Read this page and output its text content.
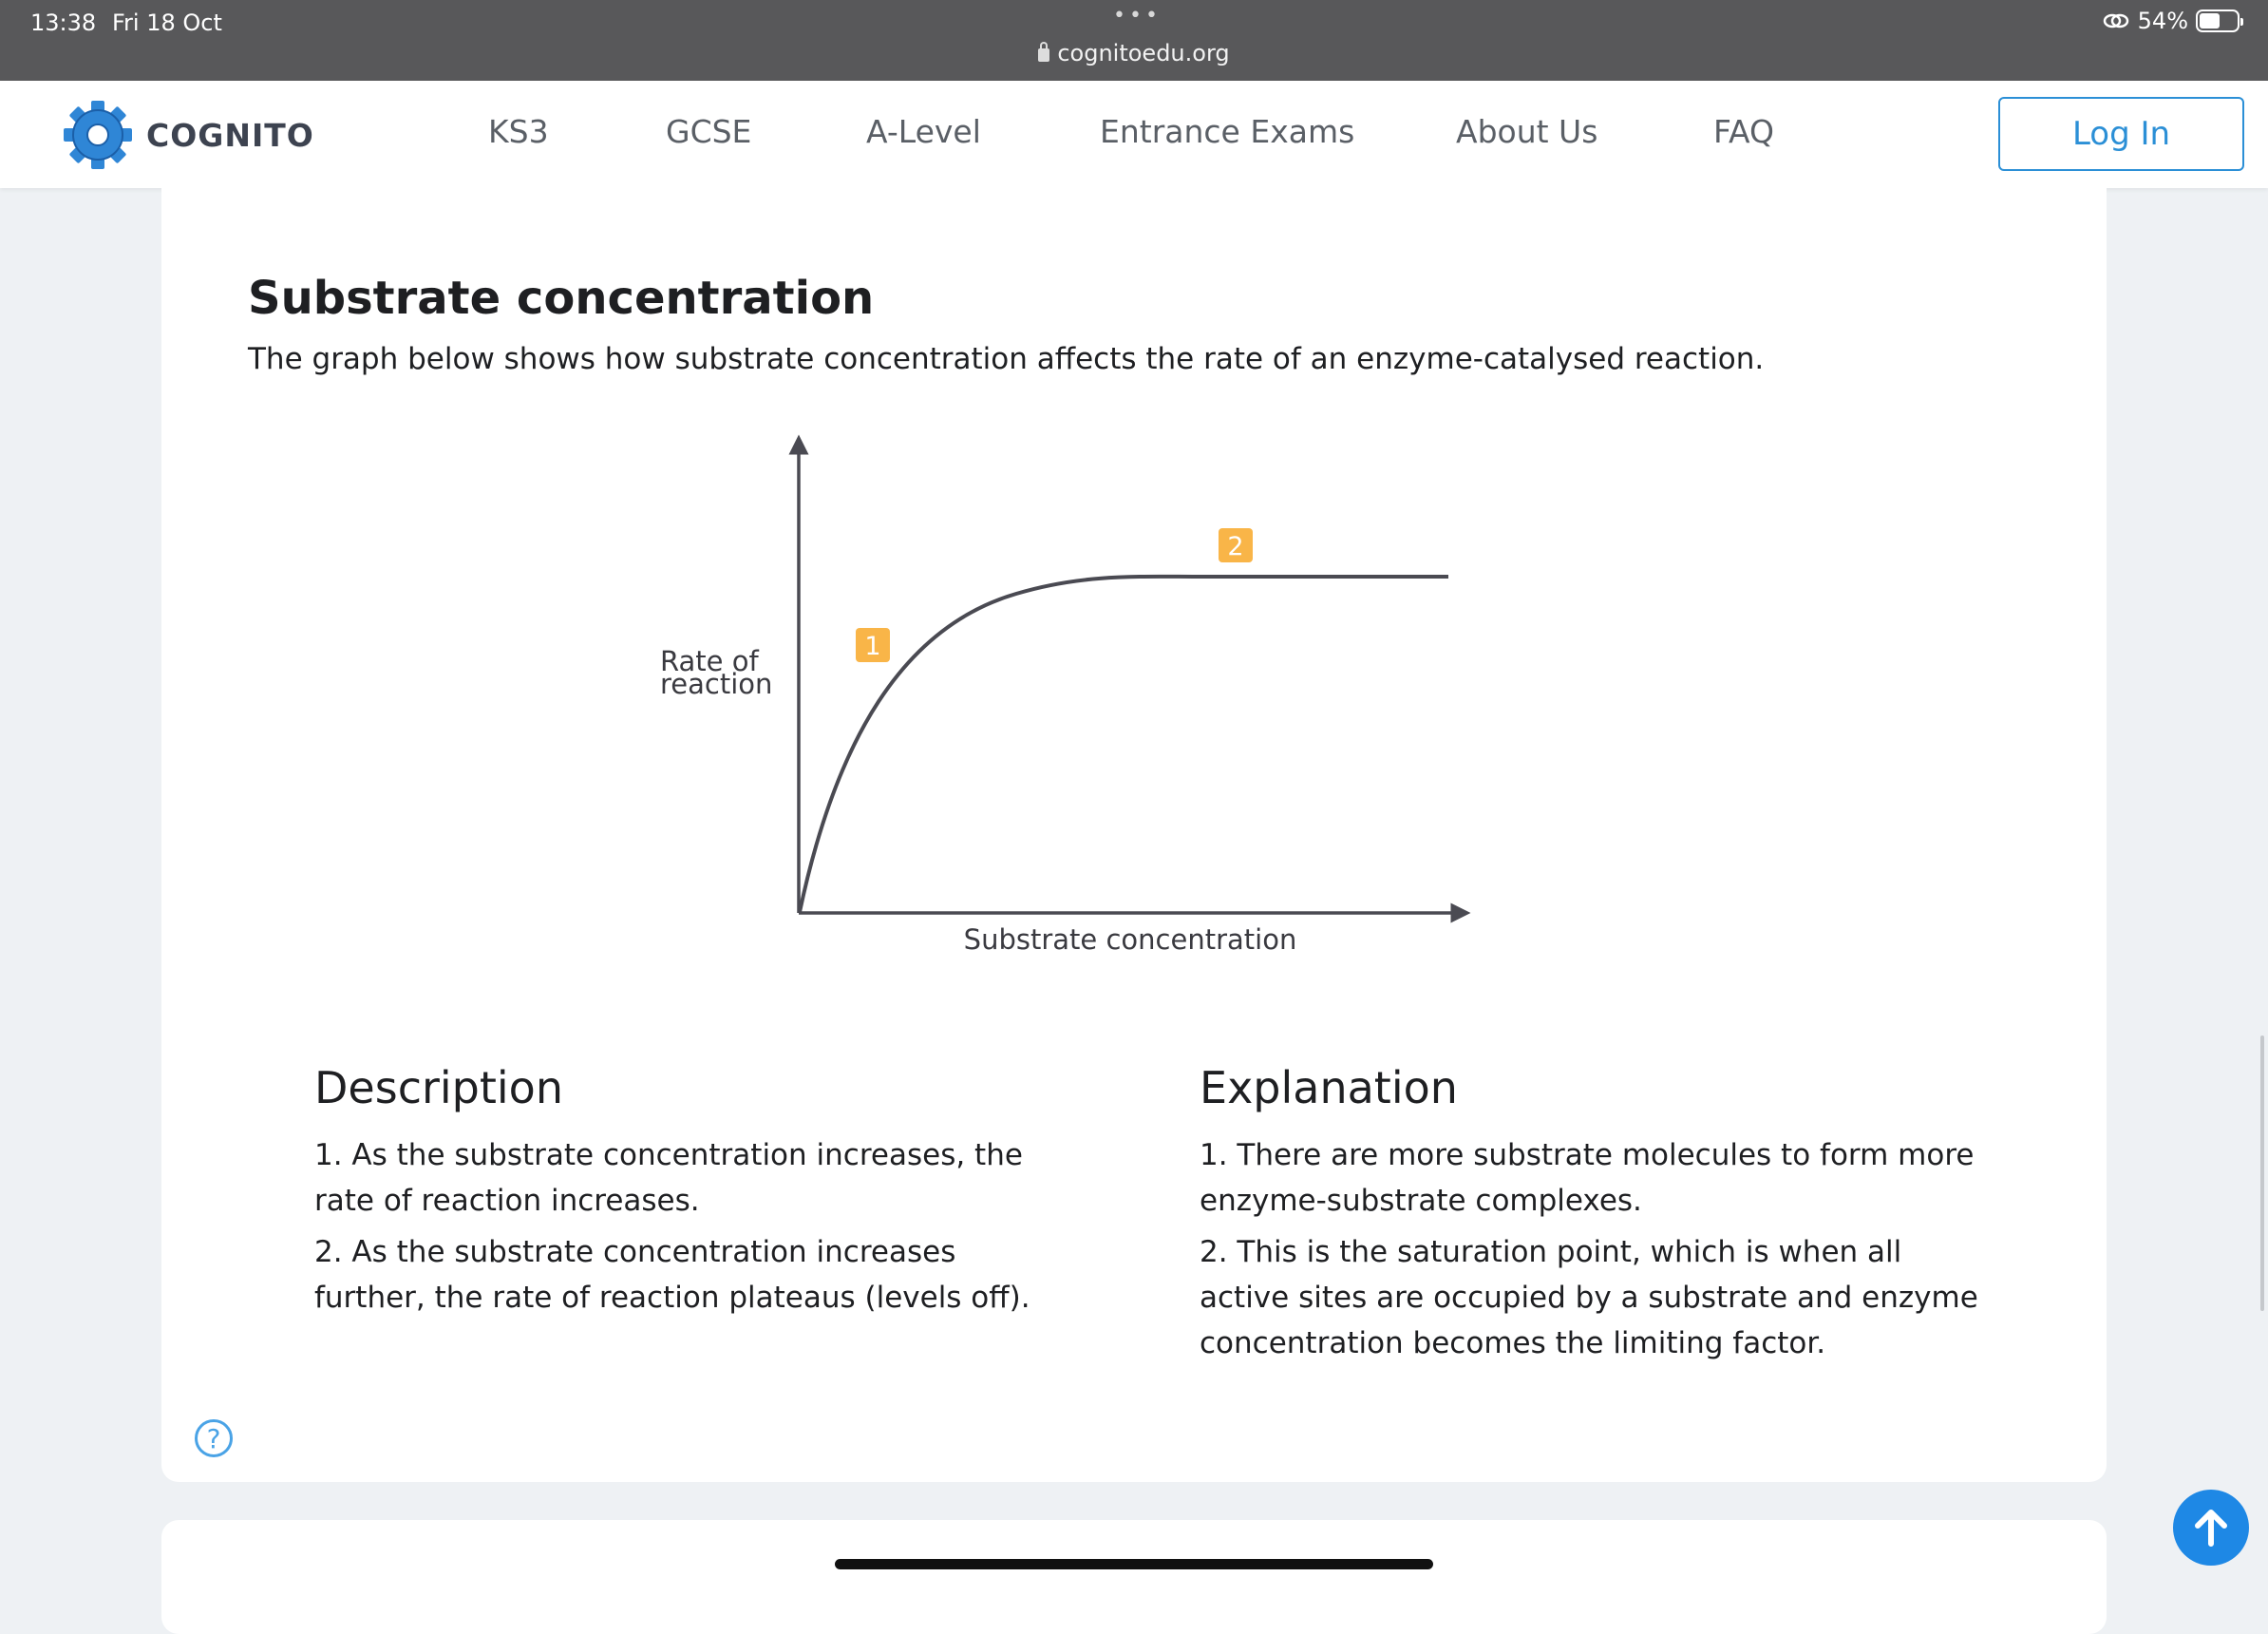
13:38 Fri 18 Oct	•••
cognitoedu.org
54%
COGNITO	KS3	GCSE	A-Level	Entrance Exams	About Us	FAQ	Log In
Substrate concentration

The graph below shows how substrate concentration affects the rate of an enzyme-catalysed reaction.

Rate of
reaction
Substrate concentration
1
2
Description

1. As the substrate concentration increases, the rate of reaction increases.

2. As the substrate concentration increases further, the rate of reaction plateaus (levels off).

Explanation

1. There are more substrate molecules to form more enzyme-substrate complexes.

2. This is the saturation point, which is when all active sites are occupied by a substrate and enzyme concentration becomes the limiting factor.

?
